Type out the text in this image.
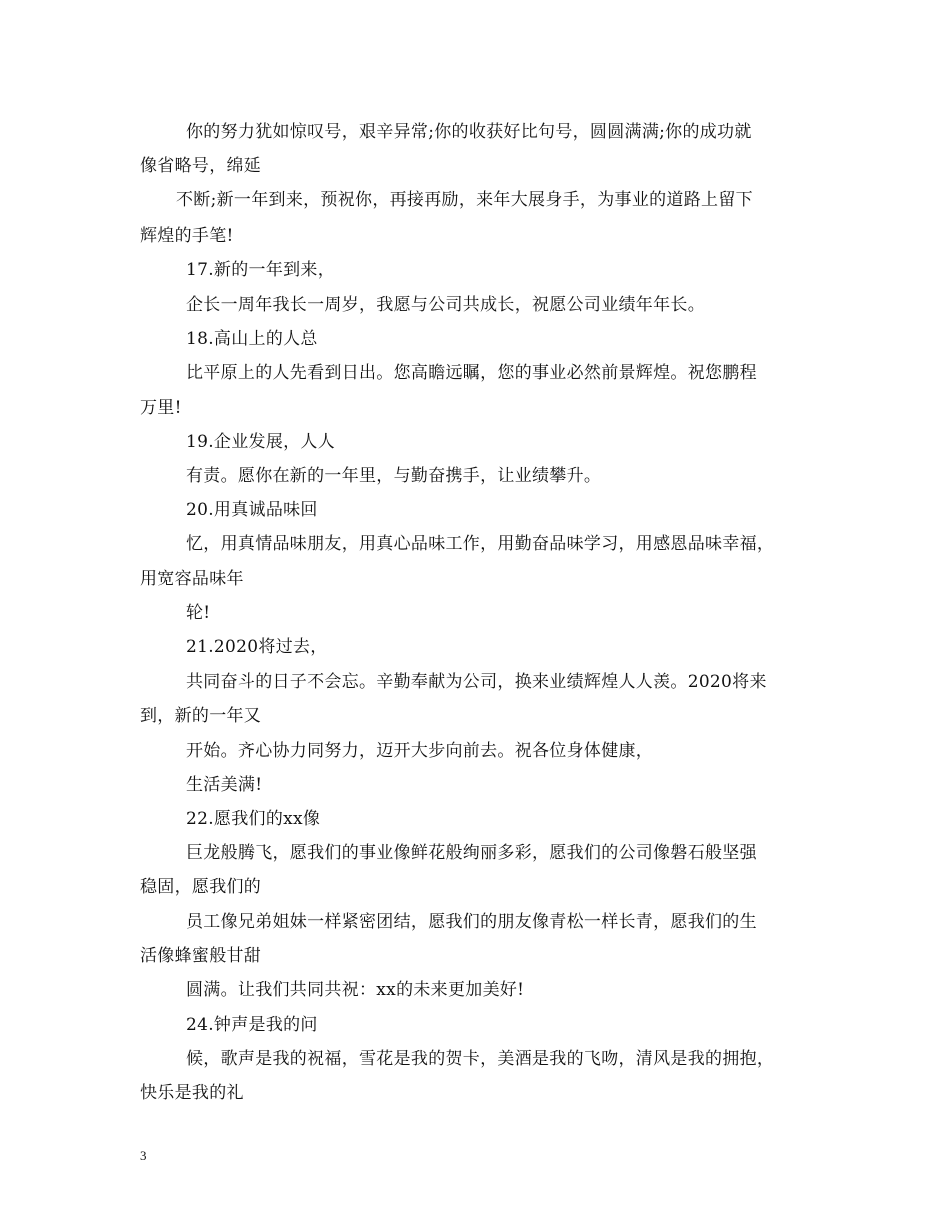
你的努力犹如惊叹号，艰辛异常;你的收获好比句号，圆圆满满;你的成功就
像省略号，绵延
不断;新一年到来，预祝你，再接再励，来年大展身手，为事业的道路上留下
辉煌的手笔!
17.新的一年到来，
企长一周年我长一周岁，我愿与公司共成长，祝愿公司业绩年年长。
18.高山上的人总
比平原上的人先看到日出。您高瞻远瞩，您的事业必然前景辉煌。祝您鹏程
万里!
19.企业发展，人人
有责。愿你在新的一年里，与勤奋携手，让业绩攀升。
20.用真诚品味回
忆，用真情品味朋友，用真心品味工作，用勤奋品味学习，用感恩品味幸福，
用宽容品味年
轮!
21.2020将过去，
共同奋斗的日子不会忘。辛勤奉献为公司，换来业绩辉煌人人羡。2020将来
到，新的一年又
开始。齐心协力同努力，迈开大步向前去。祝各位身体健康，
生活美满!
22.愿我们的xx像
巨龙般腾飞，愿我们的事业像鲜花般绚丽多彩，愿我们的公司像磐石般坚强
稳固，愿我们的
员工像兄弟姐妹一样紧密团结，愿我们的朋友像青松一样长青，愿我们的生
活像蜂蜜般甘甜
圆满。让我们共同共祝：xx的未来更加美好!
24.钟声是我的问
候，歌声是我的祝福，雪花是我的贺卡，美酒是我的飞吻，清风是我的拥抱，
快乐是我的礼
3
